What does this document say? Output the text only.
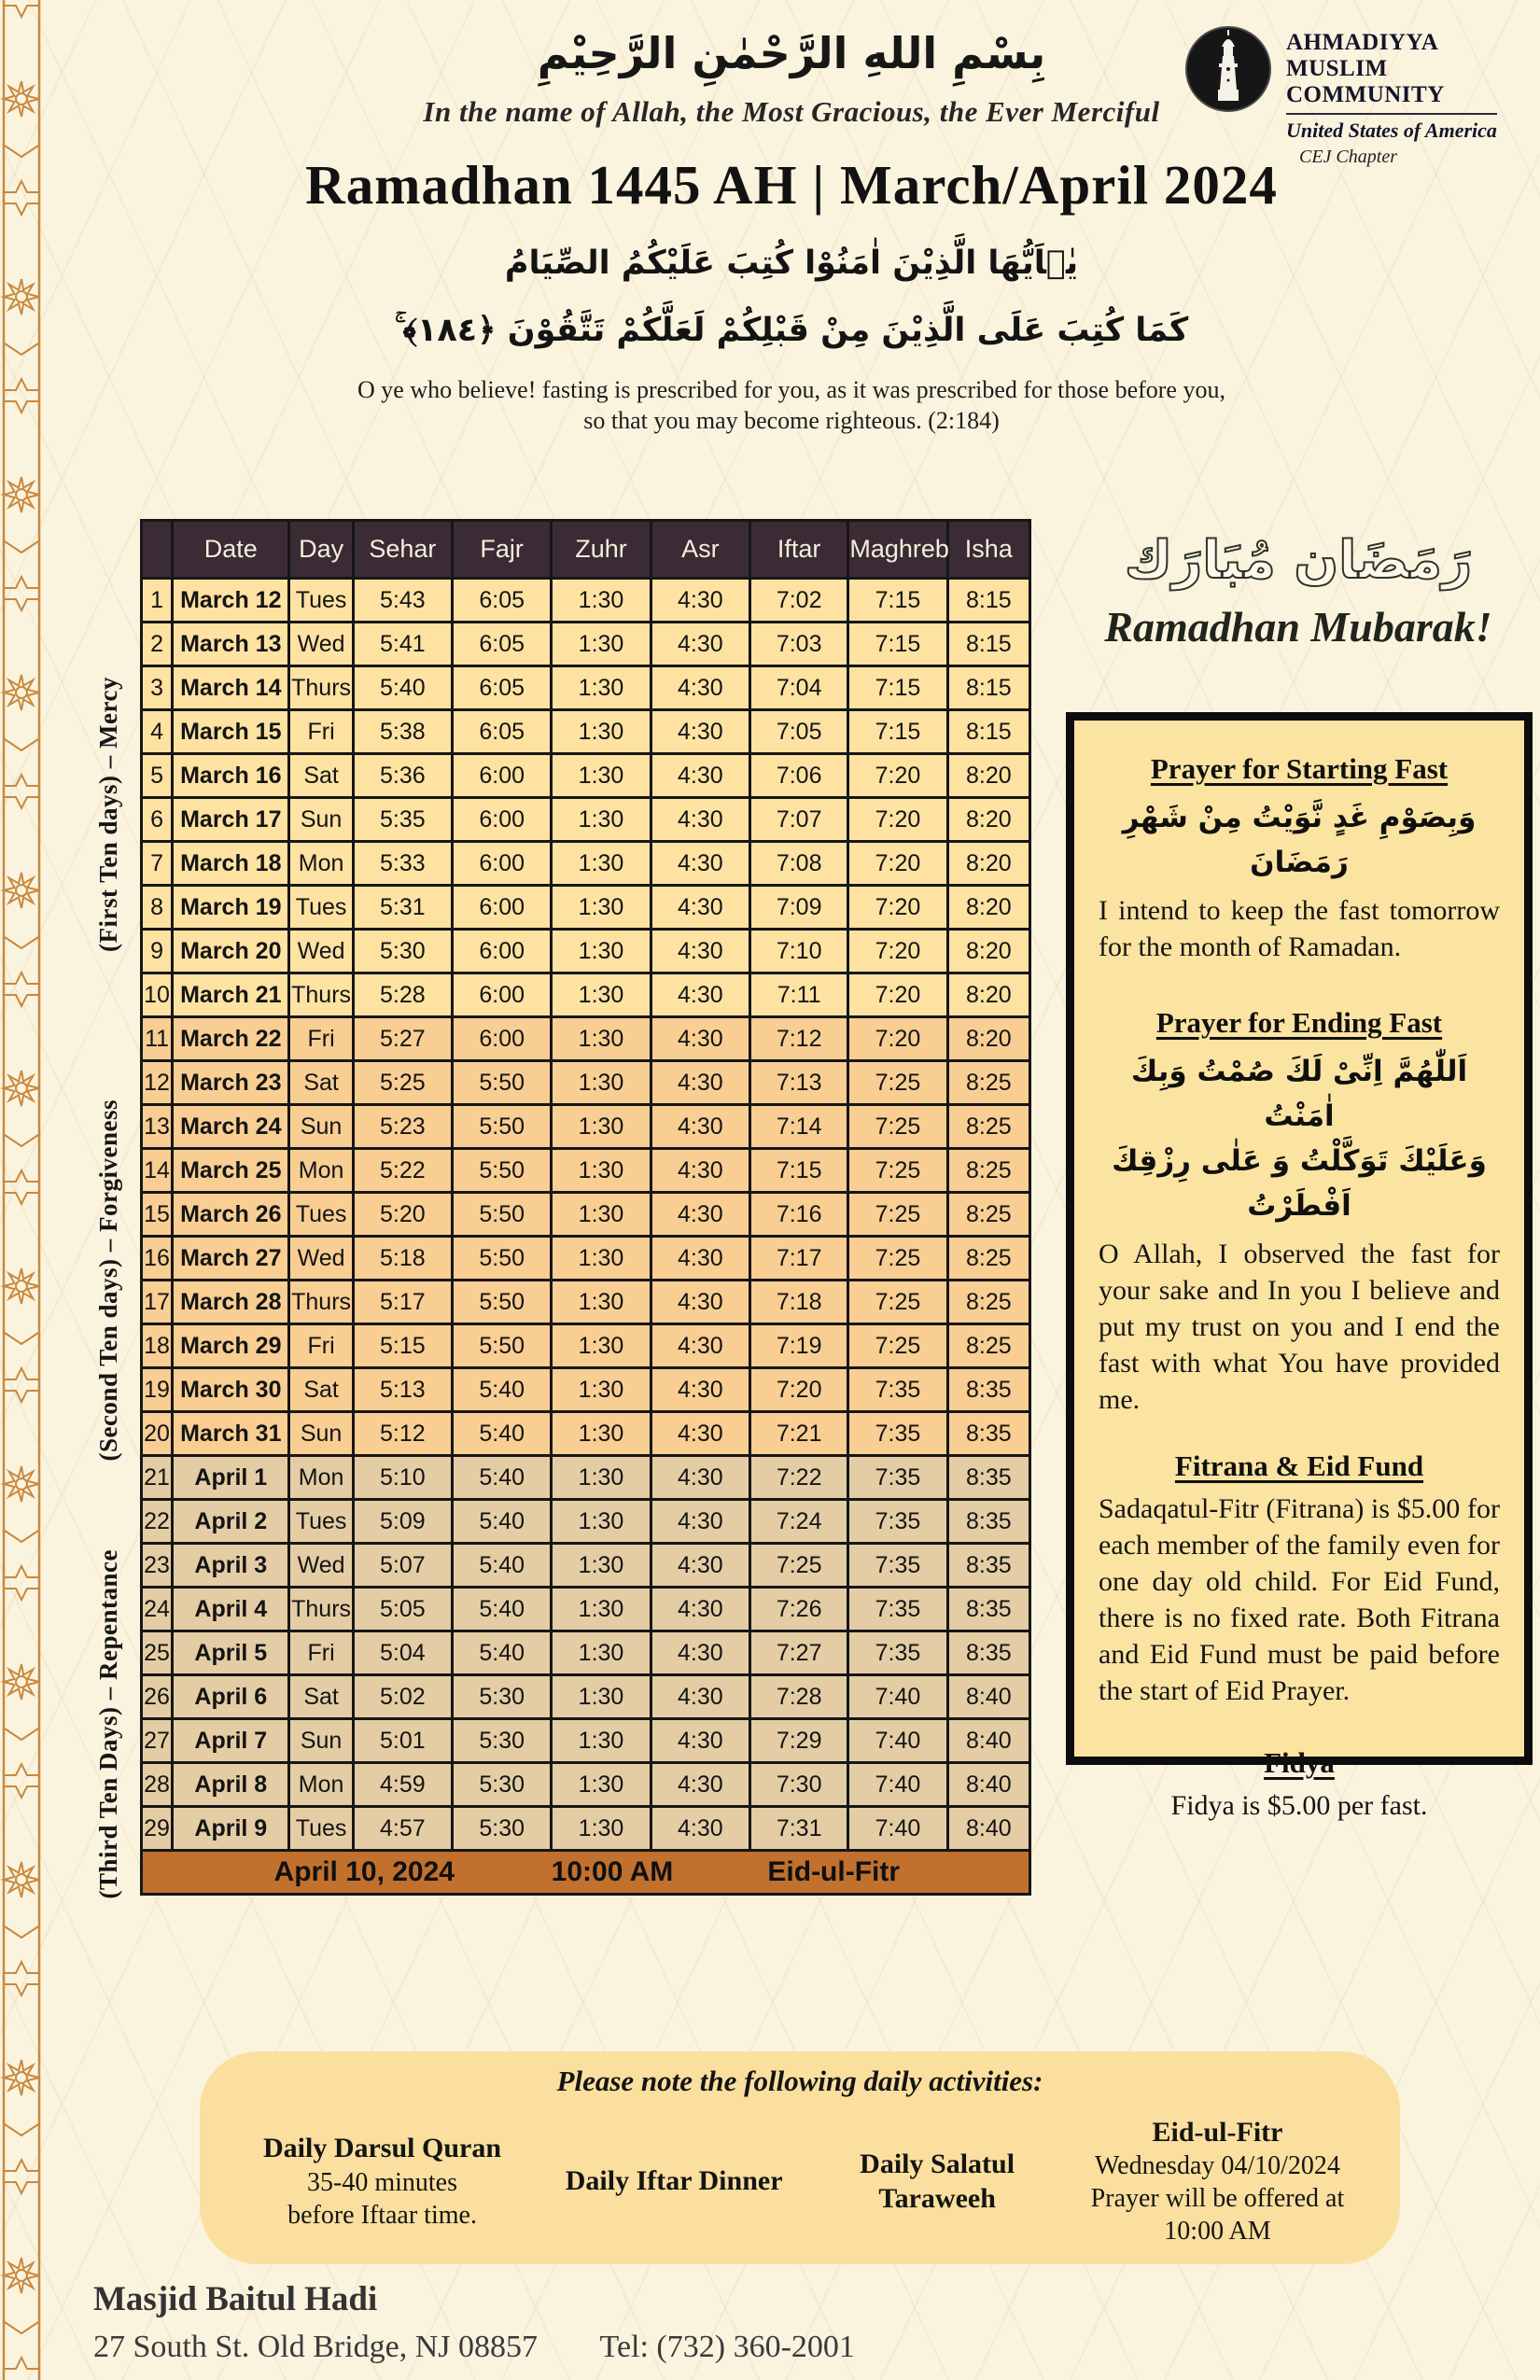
بِسْمِ اللهِ الرَّحْمٰنِ الرَّحِيْمِ
In the name of Allah, the Most Gracious, the Ever Merciful
Ramadhan 1445 AH | March/April 2024
يٰۤاَيُّهَا الَّذِيْنَ اٰمَنُوْا كُتِبَ عَلَيْكُمُ الصِّيَامُ
كَمَا كُتِبَ عَلَى الَّذِيْنَ مِنْ قَبْلِكُمْ لَعَلَّكُمْ تَتَّقُوْنَ ﴿١٨٤﴾ ۚ
O ye who believe! fasting is prescribed for you, as it was prescribed for those before you,
so that you may become righteous. (2:184)
AHMADIYYA
MUSLIM COMMUNITY
United States of America
CEJ Chapter
(First Ten days) – Mercy
(Second Ten days) – Forgiveness
(Third Ten Days) – Repentance
	Date	Day	Sehar	Fajr	Zuhr	Asr	Iftar	Maghreb	Isha
1	March 12	Tues	5:43	6:05	1:30	4:30	7:02	7:15	8:15
2	March 13	Wed	5:41	6:05	1:30	4:30	7:03	7:15	8:15
3	March 14	Thurs	5:40	6:05	1:30	4:30	7:04	7:15	8:15
4	March 15	Fri	5:38	6:05	1:30	4:30	7:05	7:15	8:15
5	March 16	Sat	5:36	6:00	1:30	4:30	7:06	7:20	8:20
6	March 17	Sun	5:35	6:00	1:30	4:30	7:07	7:20	8:20
7	March 18	Mon	5:33	6:00	1:30	4:30	7:08	7:20	8:20
8	March 19	Tues	5:31	6:00	1:30	4:30	7:09	7:20	8:20
9	March 20	Wed	5:30	6:00	1:30	4:30	7:10	7:20	8:20
10	March 21	Thurs	5:28	6:00	1:30	4:30	7:11	7:20	8:20
11	March 22	Fri	5:27	6:00	1:30	4:30	7:12	7:20	8:20
12	March 23	Sat	5:25	5:50	1:30	4:30	7:13	7:25	8:25
13	March 24	Sun	5:23	5:50	1:30	4:30	7:14	7:25	8:25
14	March 25	Mon	5:22	5:50	1:30	4:30	7:15	7:25	8:25
15	March 26	Tues	5:20	5:50	1:30	4:30	7:16	7:25	8:25
16	March 27	Wed	5:18	5:50	1:30	4:30	7:17	7:25	8:25
17	March 28	Thurs	5:17	5:50	1:30	4:30	7:18	7:25	8:25
18	March 29	Fri	5:15	5:50	1:30	4:30	7:19	7:25	8:25
19	March 30	Sat	5:13	5:40	1:30	4:30	7:20	7:35	8:35
20	March 31	Sun	5:12	5:40	1:30	4:30	7:21	7:35	8:35
21	April 1	Mon	5:10	5:40	1:30	4:30	7:22	7:35	8:35
22	April 2	Tues	5:09	5:40	1:30	4:30	7:24	7:35	8:35
23	April 3	Wed	5:07	5:40	1:30	4:30	7:25	7:35	8:35
24	April 4	Thurs	5:05	5:40	1:30	4:30	7:26	7:35	8:35
25	April 5	Fri	5:04	5:40	1:30	4:30	7:27	7:35	8:35
26	April 6	Sat	5:02	5:30	1:30	4:30	7:28	7:40	8:40
27	April 7	Sun	5:01	5:30	1:30	4:30	7:29	7:40	8:40
28	April 8	Mon	4:59	5:30	1:30	4:30	7:30	7:40	8:40
29	April 9	Tues	4:57	5:30	1:30	4:30	7:31	7:40	8:40

April 10, 2024 10:00 AM Eid-ul-Fitr									
رَمَضَان مُبَارَك
Ramadhan Mubarak!
Prayer for Starting Fast
وَبِصَوْمِ غَدٍ نَّوَيْتُ مِنْ شَهْرِ رَمَضَانَ
I intend to keep the fast tomorrow for the month of Ramadan.
Prayer for Ending Fast
اَللّٰهُمَّ اِنِّىْ لَكَ صُمْتُ وَبِكَ اٰمَنْتُ
وَعَلَيْكَ تَوَكَّلْتُ وَ عَلٰى رِزْقِكَ اَفْطَرْتُ
O Allah, I observed the fast for your sake and In you I believe and put my trust on you and I end the fast with what You have provided me.
Fitrana & Eid Fund
Sadaqatul-Fitr (Fitrana) is $5.00 for each member of the family even for one day old child. For Eid Fund, there is no fixed rate. Both Fitrana and Eid Fund must be paid before the start of Eid Prayer.
Fidya
Fidya is $5.00 per fast.
Please note the following daily activities:
Daily Darsul Quran
35-40 minutes
before Iftaar time.
Daily Iftar Dinner
Daily Salatul
Taraweeh
Eid-ul-Fitr
Wednesday 04/10/2024
Prayer will be offered at
10:00 AM
Masjid Baitul Hadi
27 South St. Old Bridge, NJ 08857 Tel: (732) 360-2001
